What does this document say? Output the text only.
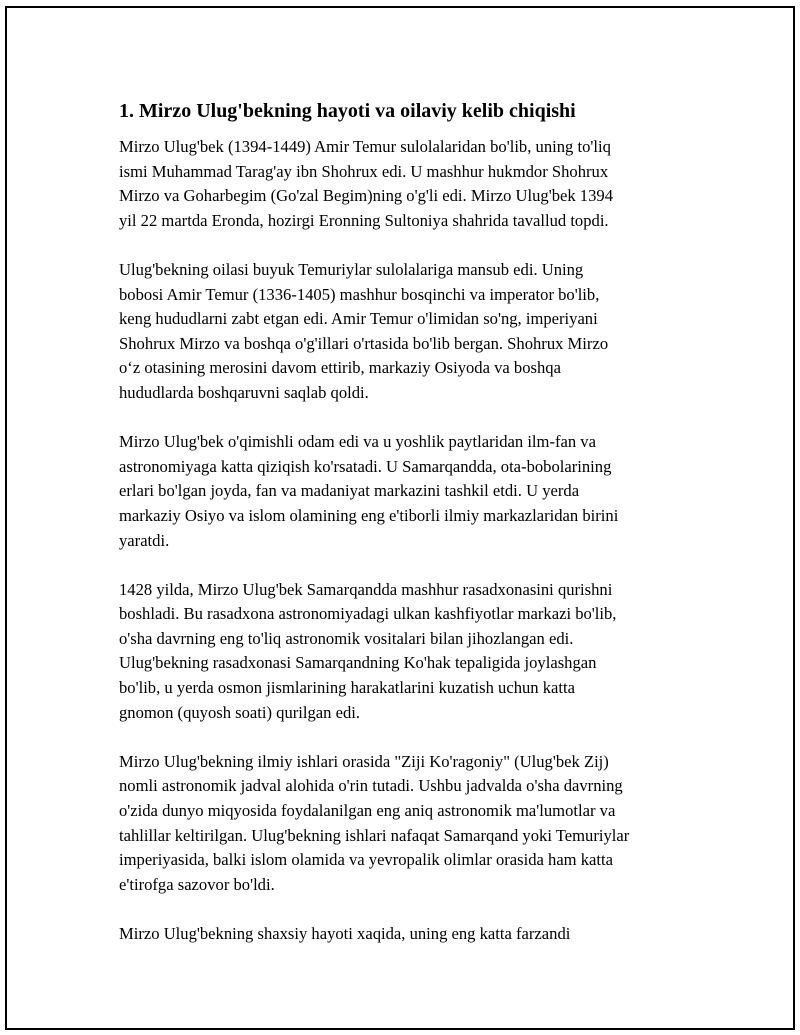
1. Mirzo Ulug'bekning hayoti va oilaviy kelib chiqishi

Mirzo Ulug'bek (1394-1449) Amir Temur sulolalaridan bo'lib, uning to'liq
ismi Muhammad Tarag'ay ibn Shohrux edi. U mashhur hukmdor Shohrux
Mirzo va Goharbegim (Go'zal Begim)ning o'g'li edi. Mirzo Ulug'bek 1394
yil 22 martda Eronda, hozirgi Eronning Sultoniya shahrida tavallud topdi.

Ulug'bekning oilasi buyuk Temuriylar sulolalariga mansub edi. Uning
bobosi Amir Temur (1336-1405) mashhur bosqinchi va imperator bo'lib,
keng hududlarni zabt etgan edi. Amir Temur o'limidan so'ng, imperiyani
Shohrux Mirzo va boshqa o'g'illari o'rtasida bo'lib bergan. Shohrux Mirzo
o‘z otasining merosini davom ettirib, markaziy Osiyoda va boshqa
hududlarda boshqaruvni saqlab qoldi.

Mirzo Ulug'bek o'qimishli odam edi va u yoshlik paytlaridan ilm-fan va
astronomiyaga katta qiziqish ko'rsatadi. U Samarqandda, ota-bobolarining
erlari bo'lgan joyda, fan va madaniyat markazini tashkil etdi. U yerda
markaziy Osiyo va islom olamining eng e'tiborli ilmiy markazlaridan birini
yaratdi.

1428 yilda, Mirzo Ulug'bek Samarqandda mashhur rasadxonasini qurishni
boshladi. Bu rasadxona astronomiyadagi ulkan kashfiyotlar markazi bo'lib,
o'sha davrning eng to'liq astronomik vositalari bilan jihozlangan edi.
Ulug'bekning rasadxonasi Samarqandning Ko'hak tepaligida joylashgan
bo'lib, u yerda osmon jismlarining harakatlarini kuzatish uchun katta
gnomon (quyosh soati) qurilgan edi.

Mirzo Ulug'bekning ilmiy ishlari orasida "Ziji Ko'ragoniy" (Ulug'bek Zij)
nomli astronomik jadval alohida o'rin tutadi. Ushbu jadvalda o'sha davrning
o'zida dunyo miqyosida foydalanilgan eng aniq astronomik ma'lumotlar va
tahlillar keltirilgan. Ulug'bekning ishlari nafaqat Samarqand yoki Temuriylar
imperiyasida, balki islom olamida va yevropalik olimlar orasida ham katta
e'tirofga sazovor bo'ldi.

Mirzo Ulug'bekning shaxsiy hayoti xaqida, uning eng katta farzandi
